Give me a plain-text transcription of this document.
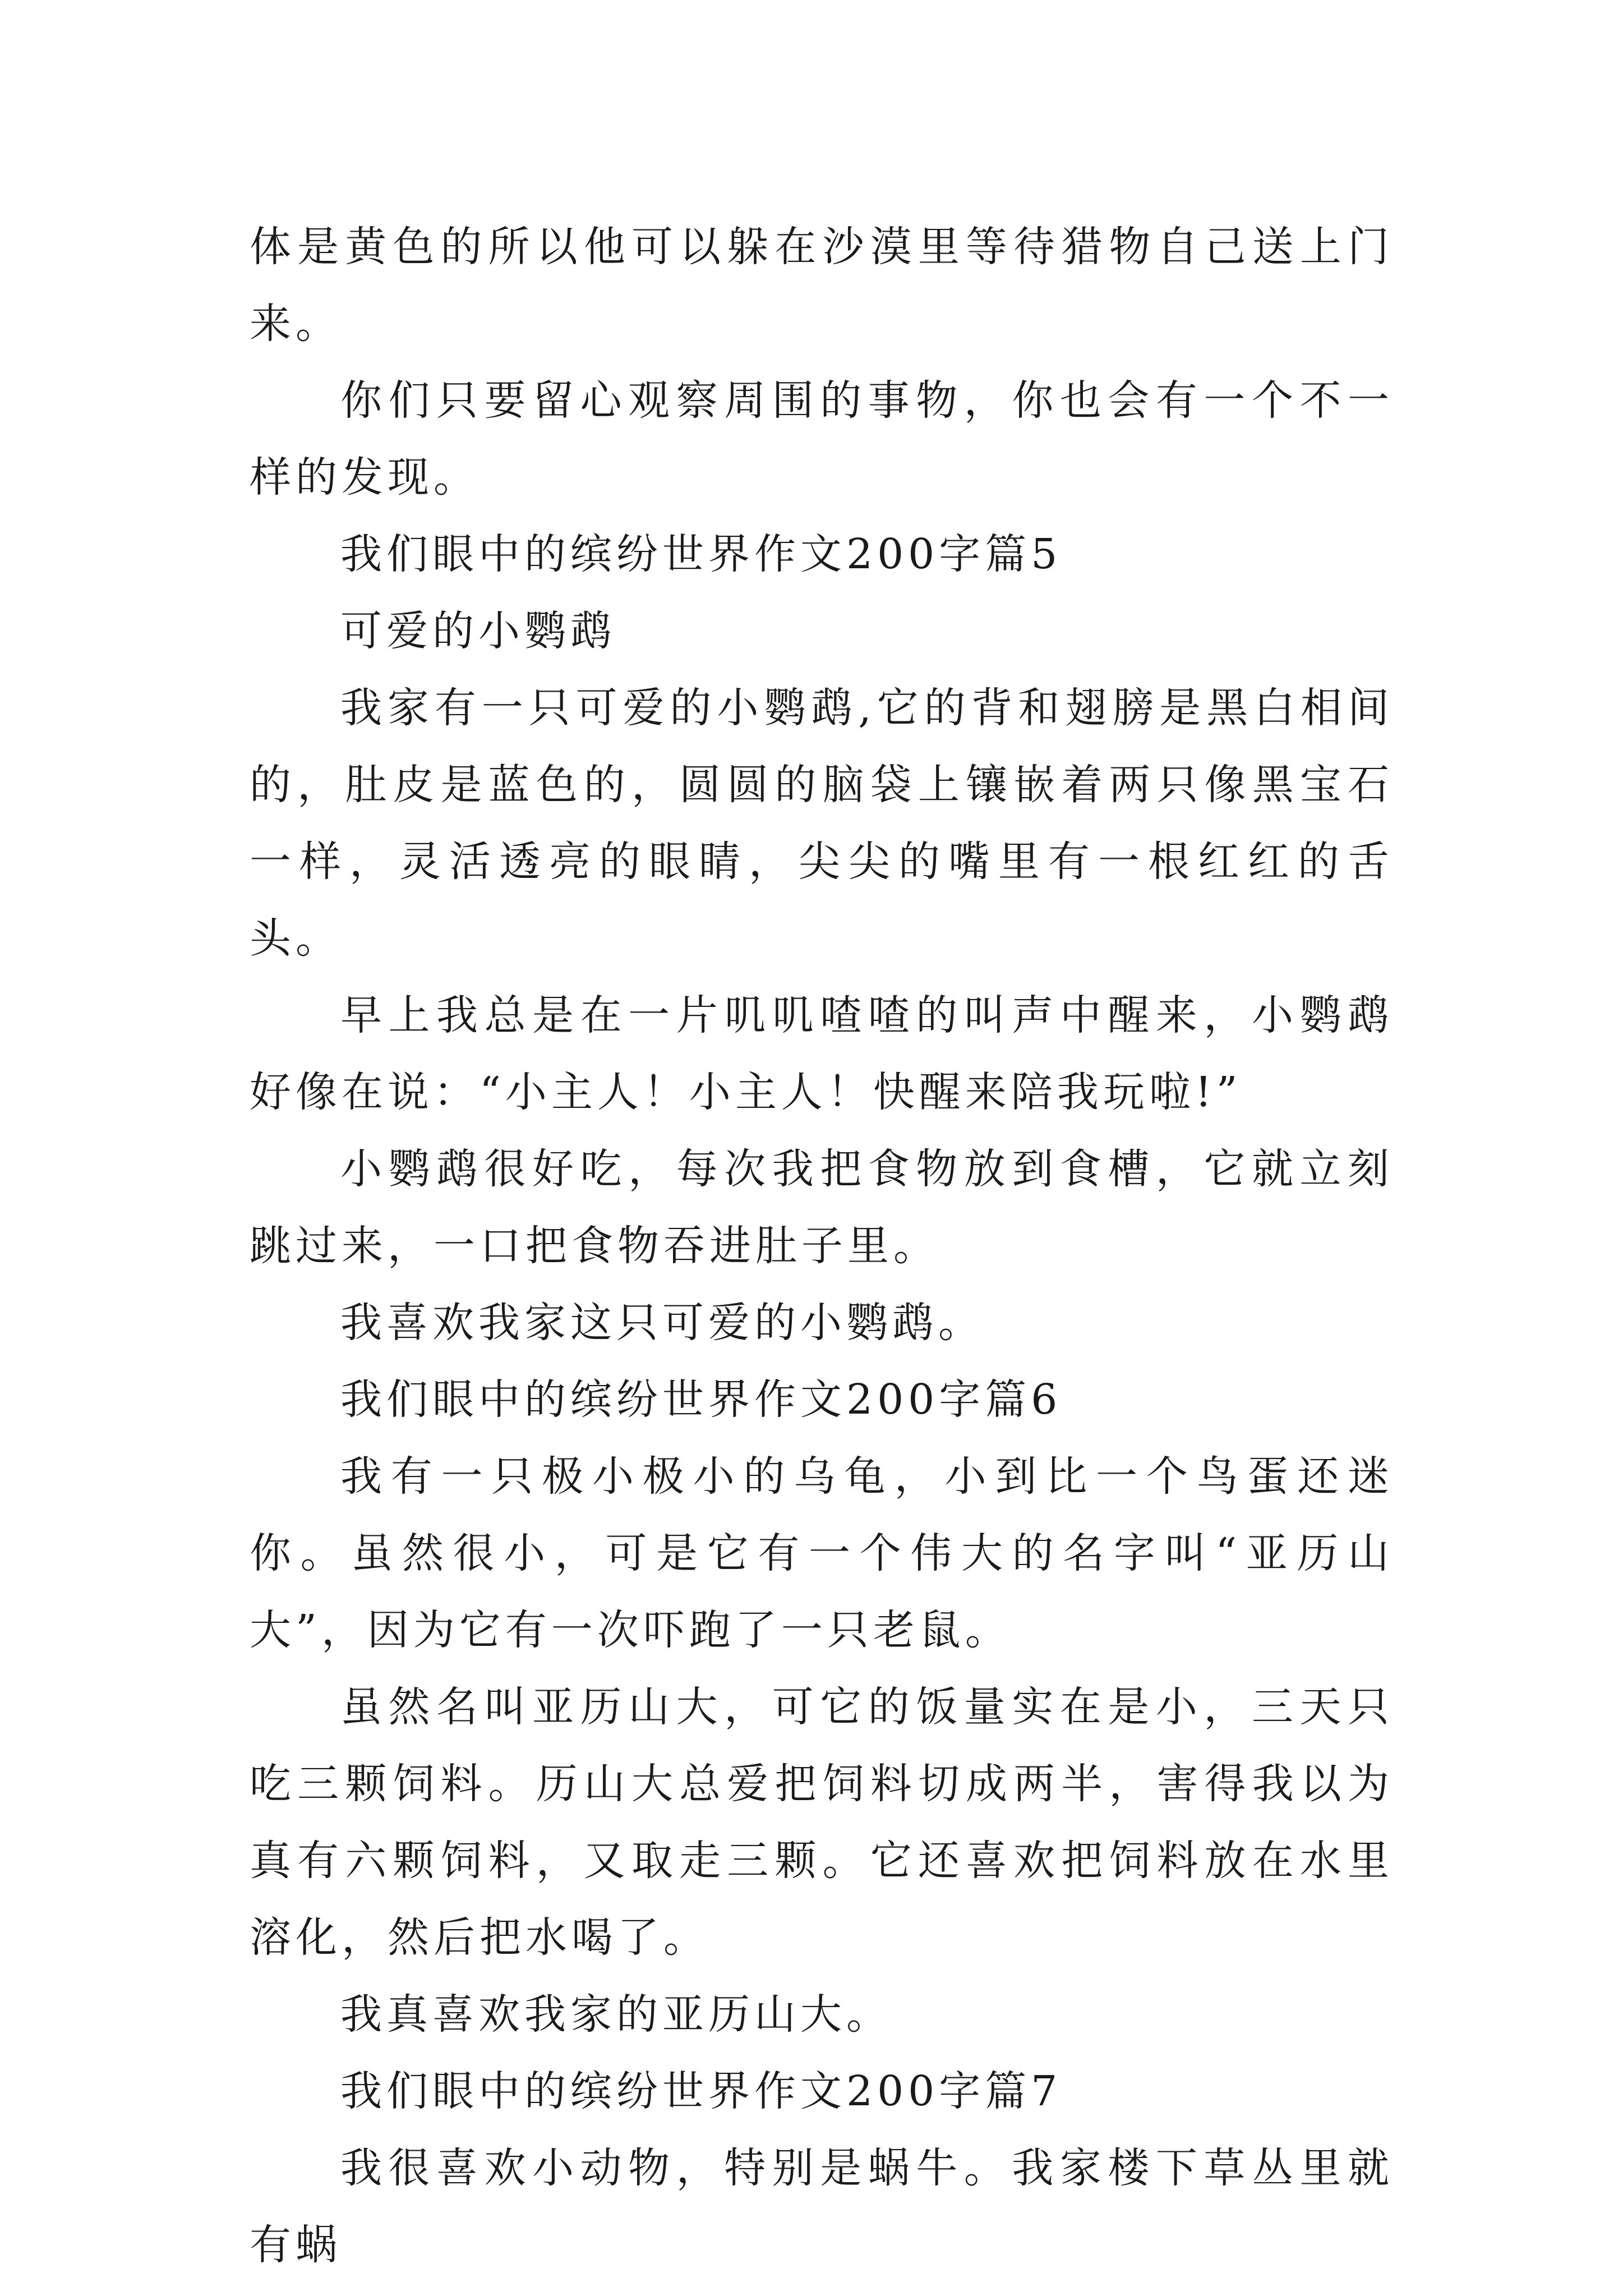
体是黄色的所以他可以躲在沙漠里等待猎物自己送上门来。

你们只要留心观察周围的事物，你也会有一个不一样的发现。

我们眼中的缤纷世界作文200字篇5

可爱的小鹦鹉

我家有一只可爱的小鹦鹉,它的背和翅膀是黑白相间的，肚皮是蓝色的，圆圆的脑袋上镶嵌着两只像黑宝石一样，灵活透亮的眼睛，尖尖的嘴里有一根红红的舌头。

早上我总是在一片叽叽喳喳的叫声中醒来，小鹦鹉好像在说：“小主人！小主人！快醒来陪我玩啦!”

小鹦鹉很好吃，每次我把食物放到食槽，它就立刻跳过来，一口把食物吞进肚子里。

我喜欢我家这只可爱的小鹦鹉。

我们眼中的缤纷世界作文200字篇6

我有一只极小极小的乌龟，小到比一个鸟蛋还迷你。虽然很小，可是它有一个伟大的名字叫“亚历山大”，因为它有一次吓跑了一只老鼠。

虽然名叫亚历山大，可它的饭量实在是小，三天只吃三颗饲料。历山大总爱把饲料切成两半，害得我以为真有六颗饲料，又取走三颗。它还喜欢把饲料放在水里溶化，然后把水喝了。

我真喜欢我家的亚历山大。

我们眼中的缤纷世界作文200字篇7

我很喜欢小动物，特别是蜗牛。我家楼下草丛里就有蜗
